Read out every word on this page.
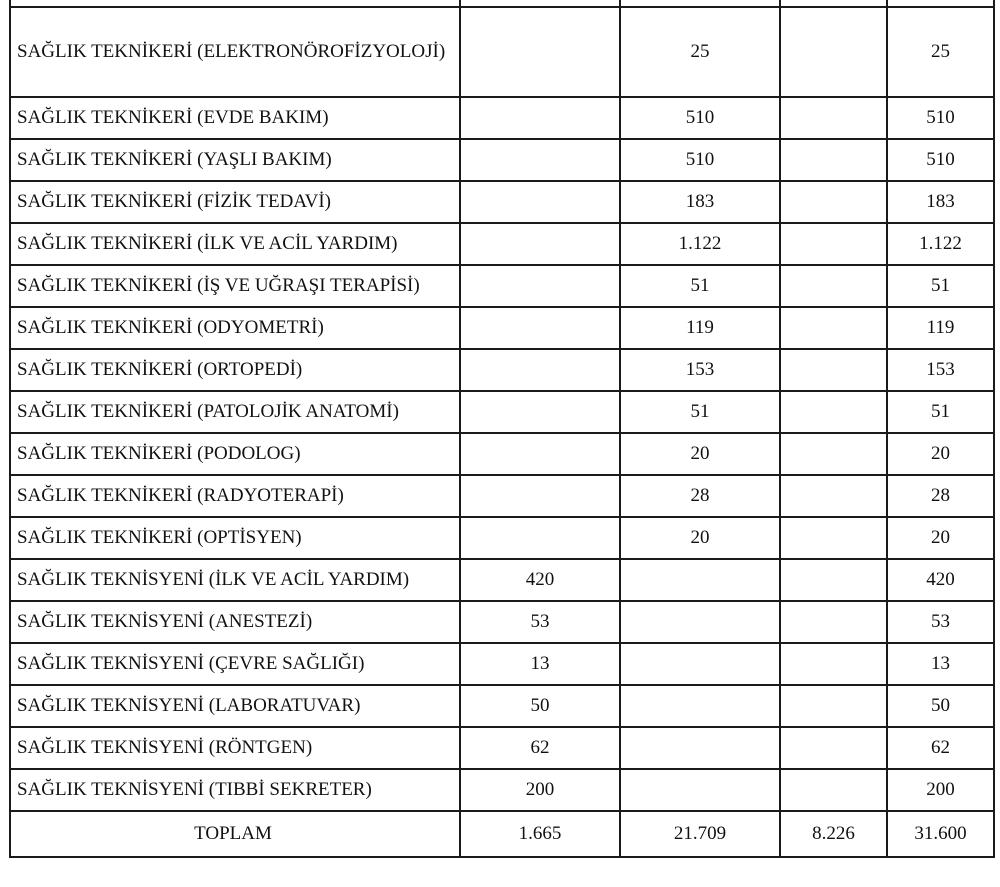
SAĞLIK TEKNİKERİ (ELEKTRONÖROFİZYOLOJİ)		25		25
SAĞLIK TEKNİKERİ (EVDE BAKIM)		510		510
SAĞLIK TEKNİKERİ (YAŞLI BAKIM)		510		510
SAĞLIK TEKNİKERİ (FİZİK TEDAVİ)		183		183
SAĞLIK TEKNİKERİ (İLK VE ACİL YARDIM)		1.122		1.122
SAĞLIK TEKNİKERİ (İŞ VE UĞRAŞI TERAPİSİ)		51		51
SAĞLIK TEKNİKERİ (ODYOMETRİ)		119		119
SAĞLIK TEKNİKERİ (ORTOPEDİ)		153		153
SAĞLIK TEKNİKERİ (PATOLOJİK ANATOMİ)		51		51
SAĞLIK TEKNİKERİ (PODOLOG)		20		20
SAĞLIK TEKNİKERİ (RADYOTERAPİ)		28		28
SAĞLIK TEKNİKERİ (OPTİSYEN)		20		20
SAĞLIK TEKNİSYENİ (İLK VE ACİL YARDIM)	420			420
SAĞLIK TEKNİSYENİ (ANESTEZİ)	53			53
SAĞLIK TEKNİSYENİ (ÇEVRE SAĞLIĞI)	13			13
SAĞLIK TEKNİSYENİ (LABORATUVAR)	50			50
SAĞLIK TEKNİSYENİ (RÖNTGEN)	62			62
SAĞLIK TEKNİSYENİ (TIBBİ SEKRETER)	200			200
TOPLAM	1.665	21.709	8.226	31.600
